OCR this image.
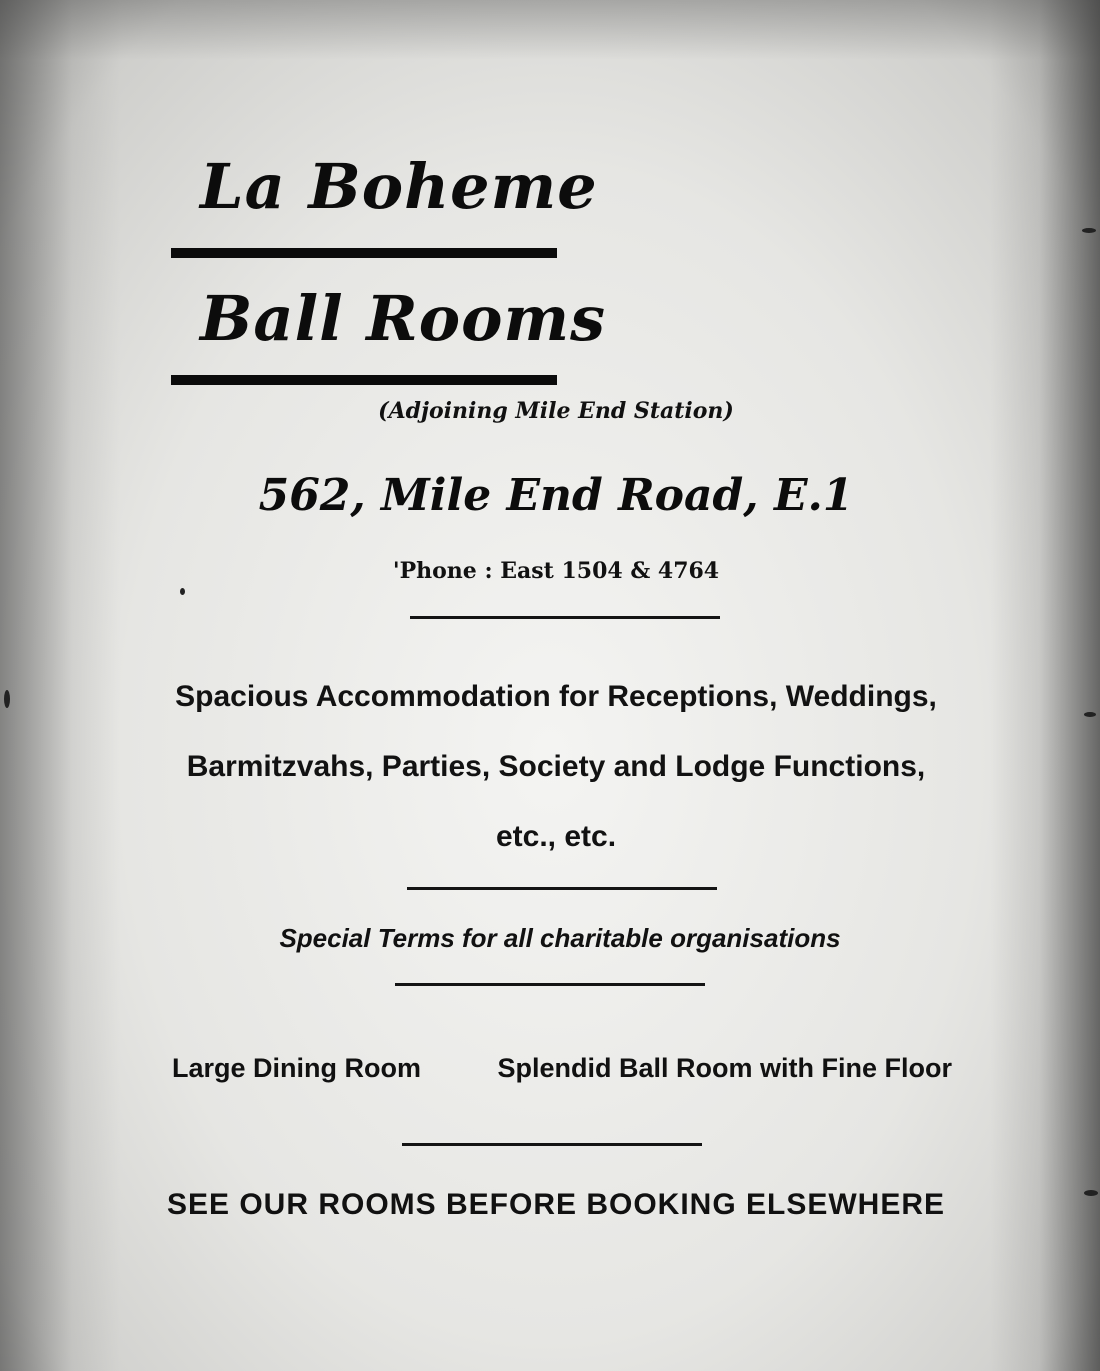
La Boheme
Ball Rooms
(Adjoining Mile End Station)
562, Mile End Road, E.1
'Phone : East 1504 & 4764
Spacious Accommodation for Receptions, Weddings,
Barmitzvahs, Parties, Society and Lodge Functions,
etc., etc.
Special Terms for all charitable organisations
Large Dining Room	Splendid Ball Room with Fine Floor
SEE OUR ROOMS BEFORE BOOKING ELSEWHERE
